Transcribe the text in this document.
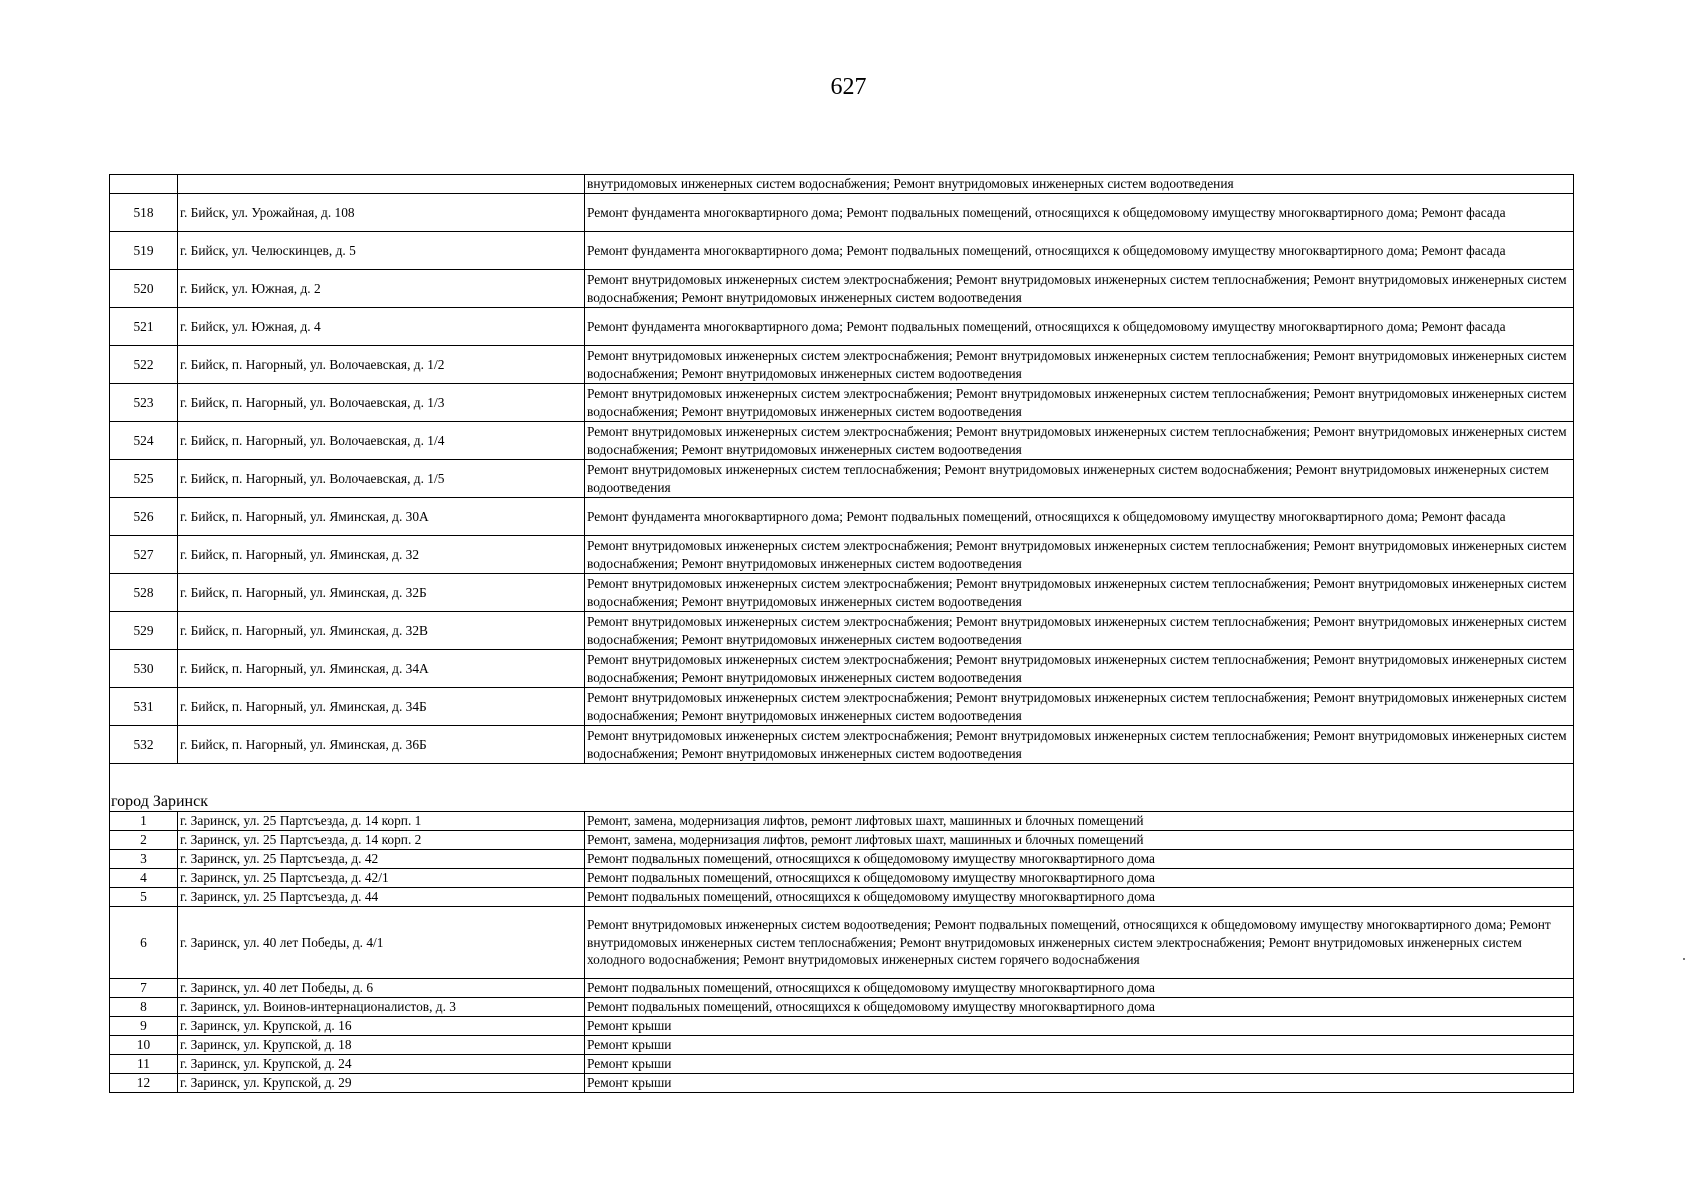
627
		внутридомовых инженерных систем водоснабжения; Ремонт внутридомовых инженерных систем водоотведения
518	г. Бийск, ул. Урожайная, д. 108	Ремонт фундамента многоквартирного дома; Ремонт подвальных помещений, относящихся к общедомовому имуществу многоквартирного дома; Ремонт фасада
519	г. Бийск, ул. Челюскинцев, д. 5	Ремонт фундамента многоквартирного дома; Ремонт подвальных помещений, относящихся к общедомовому имуществу многоквартирного дома; Ремонт фасада
520	г. Бийск, ул. Южная, д. 2	Ремонт внутридомовых инженерных систем электроснабжения; Ремонт внутридомовых инженерных систем теплоснабжения; Ремонт внутридомовых инженерных систем водоснабжения; Ремонт внутридомовых инженерных систем водоотведения
521	г. Бийск, ул. Южная, д. 4	Ремонт фундамента многоквартирного дома; Ремонт подвальных помещений, относящихся к общедомовому имуществу многоквартирного дома; Ремонт фасада
522	г. Бийск, п. Нагорный, ул. Волочаевская, д. 1/2	Ремонт внутридомовых инженерных систем электроснабжения; Ремонт внутридомовых инженерных систем теплоснабжения; Ремонт внутридомовых инженерных систем водоснабжения; Ремонт внутридомовых инженерных систем водоотведения
523	г. Бийск, п. Нагорный, ул. Волочаевская, д. 1/3	Ремонт внутридомовых инженерных систем электроснабжения; Ремонт внутридомовых инженерных систем теплоснабжения; Ремонт внутридомовых инженерных систем водоснабжения; Ремонт внутридомовых инженерных систем водоотведения
524	г. Бийск, п. Нагорный, ул. Волочаевская, д. 1/4	Ремонт внутридомовых инженерных систем электроснабжения; Ремонт внутридомовых инженерных систем теплоснабжения; Ремонт внутридомовых инженерных систем водоснабжения; Ремонт внутридомовых инженерных систем водоотведения
525	г. Бийск, п. Нагорный, ул. Волочаевская, д. 1/5	Ремонт внутридомовых инженерных систем теплоснабжения; Ремонт внутридомовых инженерных систем водоснабжения; Ремонт внутридомовых инженерных систем водоотведения
526	г. Бийск, п. Нагорный, ул. Яминская, д. 30А	Ремонт фундамента многоквартирного дома; Ремонт подвальных помещений, относящихся к общедомовому имуществу многоквартирного дома; Ремонт фасада
527	г. Бийск, п. Нагорный, ул. Яминская, д. 32	Ремонт внутридомовых инженерных систем электроснабжения; Ремонт внутридомовых инженерных систем теплоснабжения; Ремонт внутридомовых инженерных систем водоснабжения; Ремонт внутридомовых инженерных систем водоотведения
528	г. Бийск, п. Нагорный, ул. Яминская, д. 32Б	Ремонт внутридомовых инженерных систем электроснабжения; Ремонт внутридомовых инженерных систем теплоснабжения; Ремонт внутридомовых инженерных систем водоснабжения; Ремонт внутридомовых инженерных систем водоотведения
529	г. Бийск, п. Нагорный, ул. Яминская, д. 32В	Ремонт внутридомовых инженерных систем электроснабжения; Ремонт внутридомовых инженерных систем теплоснабжения; Ремонт внутридомовых инженерных систем водоснабжения; Ремонт внутридомовых инженерных систем водоотведения
530	г. Бийск, п. Нагорный, ул. Яминская, д. 34А	Ремонт внутридомовых инженерных систем электроснабжения; Ремонт внутридомовых инженерных систем теплоснабжения; Ремонт внутридомовых инженерных систем водоснабжения; Ремонт внутридомовых инженерных систем водоотведения
531	г. Бийск, п. Нагорный, ул. Яминская, д. 34Б	Ремонт внутридомовых инженерных систем электроснабжения; Ремонт внутридомовых инженерных систем теплоснабжения; Ремонт внутридомовых инженерных систем водоснабжения; Ремонт внутридомовых инженерных систем водоотведения
532	г. Бийск, п. Нагорный, ул. Яминская, д. 36Б	Ремонт внутридомовых инженерных систем электроснабжения; Ремонт внутридомовых инженерных систем теплоснабжения; Ремонт внутридомовых инженерных систем водоснабжения; Ремонт внутридомовых инженерных систем водоотведения

город Заринск		
1	г. Заринск, ул. 25 Партсъезда, д. 14 корп. 1	Ремонт, замена, модернизация лифтов, ремонт лифтовых шахт, машинных и блочных помещений
2	г. Заринск, ул. 25 Партсъезда, д. 14 корп. 2	Ремонт, замена, модернизация лифтов, ремонт лифтовых шахт, машинных и блочных помещений
3	г. Заринск, ул. 25 Партсъезда, д. 42	Ремонт подвальных помещений, относящихся к общедомовому имуществу многоквартирного дома
4	г. Заринск, ул. 25 Партсъезда, д. 42/1	Ремонт подвальных помещений, относящихся к общедомовому имуществу многоквартирного дома
5	г. Заринск, ул. 25 Партсъезда, д. 44	Ремонт подвальных помещений, относящихся к общедомовому имуществу многоквартирного дома
6	г. Заринск, ул. 40 лет Победы, д. 4/1	Ремонт внутридомовых инженерных систем водоотведения; Ремонт подвальных помещений, относящихся к общедомовому имуществу многоквартирного дома; Ремонт внутридомовых инженерных систем теплоснабжения; Ремонт внутридомовых инженерных систем электроснабжения; Ремонт внутридомовых инженерных систем холодного водоснабжения; Ремонт внутридомовых инженерных систем горячего водоснабжения
7	г. Заринск, ул. 40 лет Победы, д. 6	Ремонт подвальных помещений, относящихся к общедомовому имуществу многоквартирного дома
8	г. Заринск, ул. Воинов-интернационалистов, д. 3	Ремонт подвальных помещений, относящихся к общедомовому имуществу многоквартирного дома
9	г. Заринск, ул. Крупской, д. 16	Ремонт крыши
10	г. Заринск, ул. Крупской, д. 18	Ремонт крыши
11	г. Заринск, ул. Крупской, д. 24	Ремонт крыши
12	г. Заринск, ул. Крупской, д. 29	Ремонт крыши
